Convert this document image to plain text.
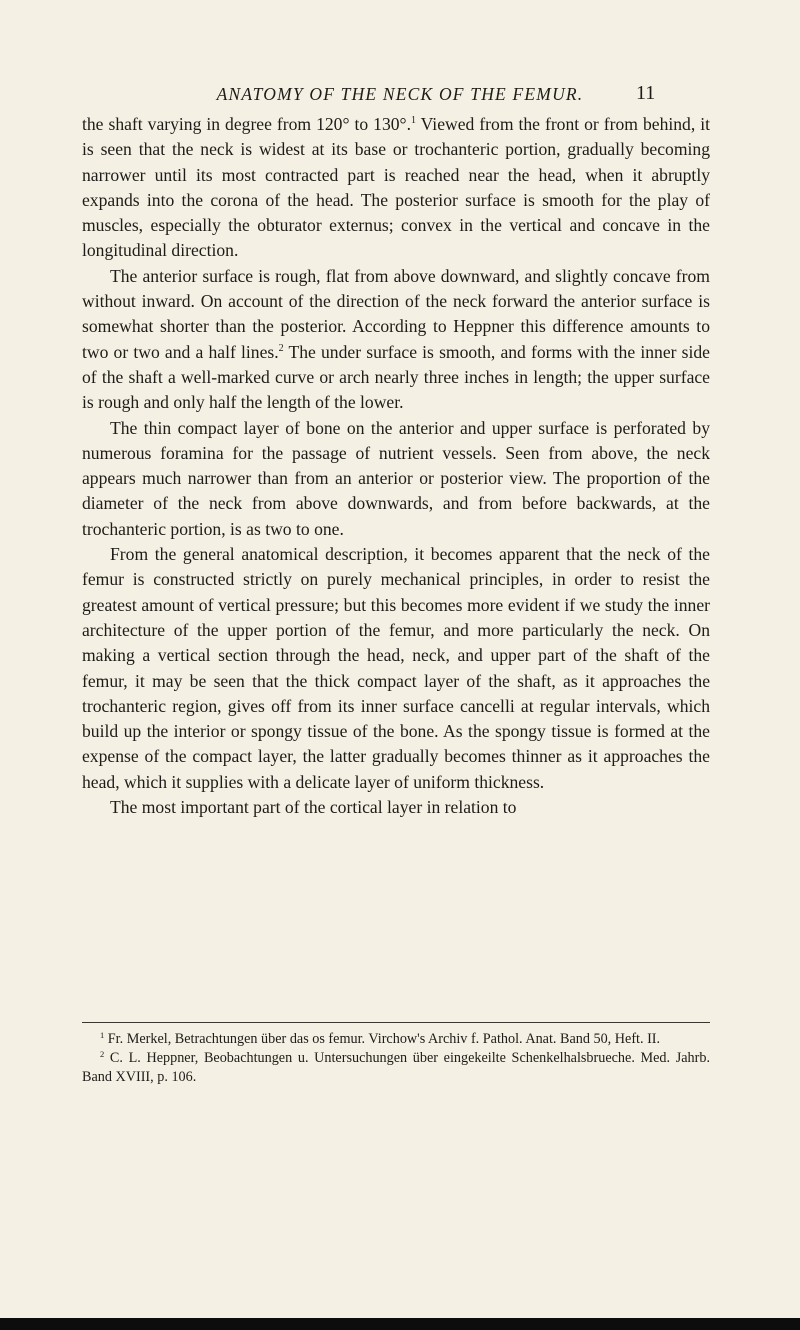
ANATOMY OF THE NECK OF THE FEMUR.	11

the shaft varying in degree from 120° to 130°.$^1$ Viewed from the front or from behind, it is seen that the neck is widest at its base or trochanteric portion, gradually becoming narrower until its most contracted part is reached near the head, when it abruptly expands into the corona of the head. The posterior surface is smooth for the play of muscles, especially the obturator externus; convex in the vertical and concave in the longitudinal direction.

The anterior surface is rough, flat from above downward, and slightly concave from without inward. On account of the direction of the neck forward the anterior surface is somewhat shorter than the posterior. According to Heppner this difference amounts to two or two and a half lines.$^2$ The under surface is smooth, and forms with the inner side of the shaft a well-marked curve or arch nearly three inches in length; the upper surface is rough and only half the length of the lower.

The thin compact layer of bone on the anterior and upper surface is perforated by numerous foramina for the passage of nutrient vessels. Seen from above, the neck appears much narrower than from an anterior or posterior view. The proportion of the diameter of the neck from above downwards, and from before backwards, at the trochanteric portion, is as two to one.

From the general anatomical description, it becomes apparent that the neck of the femur is constructed strictly on purely mechanical principles, in order to resist the greatest amount of vertical pressure; but this becomes more evident if we study the inner architecture of the upper portion of the femur, and more particularly the neck. On making a vertical section through the head, neck, and upper part of the shaft of the femur, it may be seen that the thick compact layer of the shaft, as it approaches the trochanteric region, gives off from its inner surface cancelli at regular intervals, which build up the interior or spongy tissue of the bone. As the spongy tissue is formed at the expense of the compact layer, the latter gradually becomes thinner as it approaches the head, which it supplies with a delicate layer of uniform thickness.

The most important part of the cortical layer in relation to

$^1$ Fr. Merkel, Betrachtungen über das os femur. Virchow's Archiv f. Pathol. Anat. Band 50, Heft. II.

$^2$ C. L. Heppner, Beobachtungen u. Untersuchungen über eingekeilte Schenkelhalsbrueche. Med. Jahrb. Band XVIII, p. 106.
